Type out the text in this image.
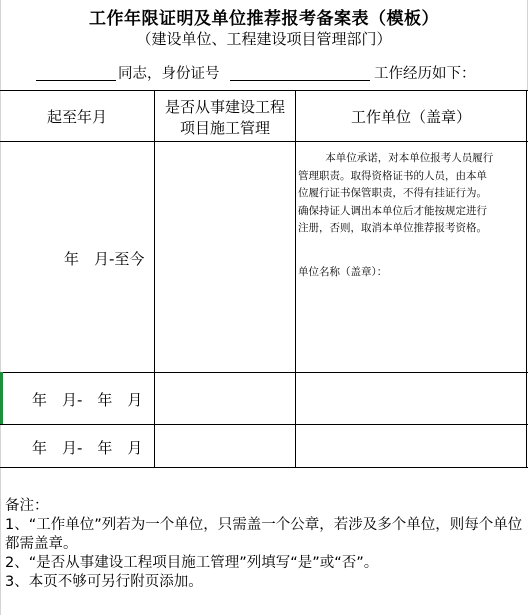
工作年限证明及单位推荐报考备案表（模板）
（建设单位、工程建设项目管理部门）
同志，身份证号	工作经历如下：
起至年月
是否从事建设工程
项目施工管理
工作单位（盖章）
年　月-至今

本单位承诺，对本单位报考人员履行

管理职责。取得资格证书的人员，由本单

位履行证书保管职责，不得有挂证行为。

确保持证人调出本单位后才能按规定进行

注册，否则，取消本单位推荐报考资格。

单位名称（盖章）：
年　月-　年　月
年　月-　年　月
备注：
1、“工作单位”列若为一个单位，只需盖一个公章，若涉及多个单位，则每个单位都需盖章。
2、“是否从事建设工程项目施工管理”列填写“是”或“否”。
3、本页不够可另行附页添加。
